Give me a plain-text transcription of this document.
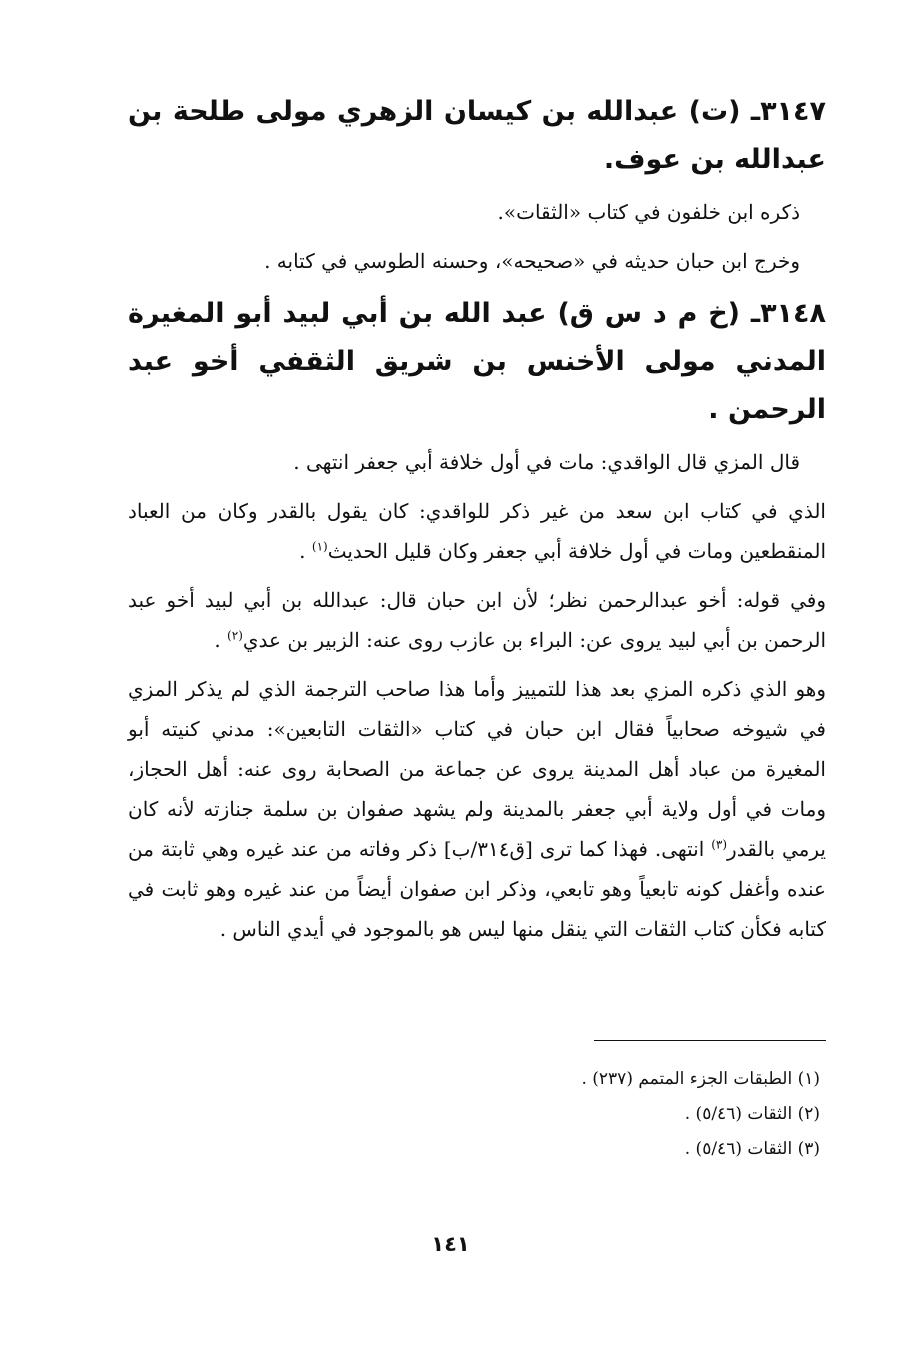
٣١٤٧ـ (ت) عبدالله بن كيسان الزهري مولى طلحة بن عبدالله بن عوف.

ذكره ابن خلفون في كتاب «الثقات».

وخرج ابن حبان حديثه في «صحيحه»، وحسنه الطوسي في كتابه .

٣١٤٨ـ (خ م د س ق) عبد الله بن أبي لبيد أبو المغيرة المدني مولى الأخنس بن شريق الثقفي أخو عبد الرحمن .

قال المزي قال الواقدي: مات في أول خلافة أبي جعفر انتهى .

الذي في كتاب ابن سعد من غير ذكر للواقدي: كان يقول بالقدر وكان من العباد المنقطعين ومات في أول خلافة أبي جعفر وكان قليل الحديث$^{(١)}$ .

وفي قوله: أخو عبدالرحمن نظر؛ لأن ابن حبان قال: عبدالله بن أبي لبيد أخو عبد الرحمن بن أبي لبيد يروى عن: البراء بن عازب روى عنه: الزبير بن عدي$^{(٢)}$ .

وهو الذي ذكره المزي بعد هذا للتمييز وأما هذا صاحب الترجمة الذي لم يذكر المزي في شيوخه صحابياً فقال ابن حبان في كتاب «الثقات التابعين»: مدني كنيته أبو المغيرة من عباد أهل المدينة يروى عن جماعة من الصحابة روى عنه: أهل الحجاز، ومات في أول ولاية أبي جعفر بالمدينة ولم يشهد صفوان بن سلمة جنازته لأنه كان يرمي بالقدر$^{(٣)}$ انتهى. فهذا كما ترى [ق٣١٤/ب] ذكر وفاته من عند غيره وهي ثابتة من عنده وأغفل كونه تابعياً وهو تابعي، وذكر ابن صفوان أيضاً من عند غيره وهو ثابت في كتابه فكأن كتاب الثقات التي ينقل منها ليس هو بالموجود في أيدي الناس .

(١) الطبقات الجزء المتمم (٢٣٧) .

(٢) الثقات (٥/٤٦) .

(٣) الثقات (٥/٤٦) .

١٤١
